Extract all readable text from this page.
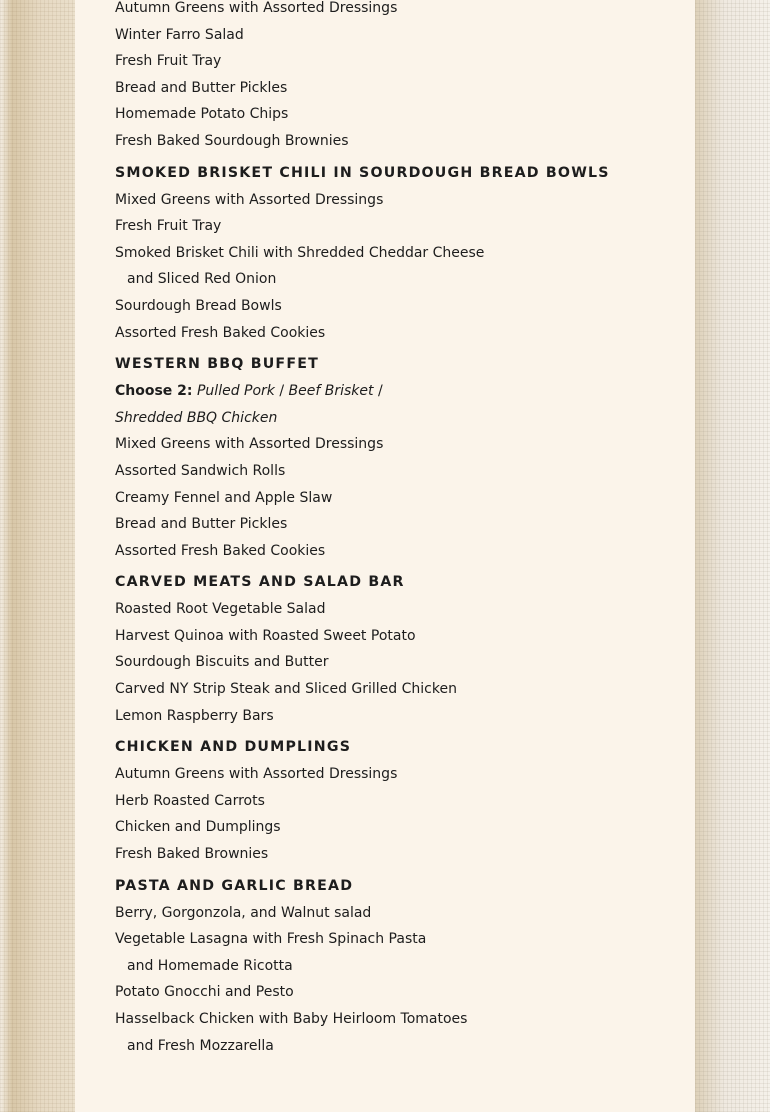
Autumn Greens with Assorted Dressings
Winter Farro Salad
Fresh Fruit Tray
Bread and Butter Pickles
Homemade Potato Chips
Fresh Baked Sourdough Brownies
SMOKED BRISKET CHILI IN SOURDOUGH BREAD BOWLS
Mixed Greens with Assorted Dressings
Fresh Fruit Tray
Smoked Brisket Chili with Shredded Cheddar Cheese
and Sliced Red Onion
Sourdough Bread Bowls
Assorted Fresh Baked Cookies
WESTERN BBQ BUFFET
Choose 2: Pulled Pork / Beef Brisket /
Shredded BBQ Chicken
Mixed Greens with Assorted Dressings
Assorted Sandwich Rolls
Creamy Fennel and Apple Slaw
Bread and Butter Pickles
Assorted Fresh Baked Cookies
CARVED MEATS AND SALAD BAR
Roasted Root Vegetable Salad
Harvest Quinoa with Roasted Sweet Potato
Sourdough Biscuits and Butter
Carved NY Strip Steak and Sliced Grilled Chicken
Lemon Raspberry Bars
CHICKEN AND DUMPLINGS
Autumn Greens with Assorted Dressings
Herb Roasted Carrots
Chicken and Dumplings
Fresh Baked Brownies
PASTA AND GARLIC BREAD
Berry, Gorgonzola, and Walnut salad
Vegetable Lasagna with Fresh Spinach Pasta
and Homemade Ricotta
Potato Gnocchi and Pesto
Hasselback Chicken with Baby Heirloom Tomatoes
and Fresh Mozzarella
